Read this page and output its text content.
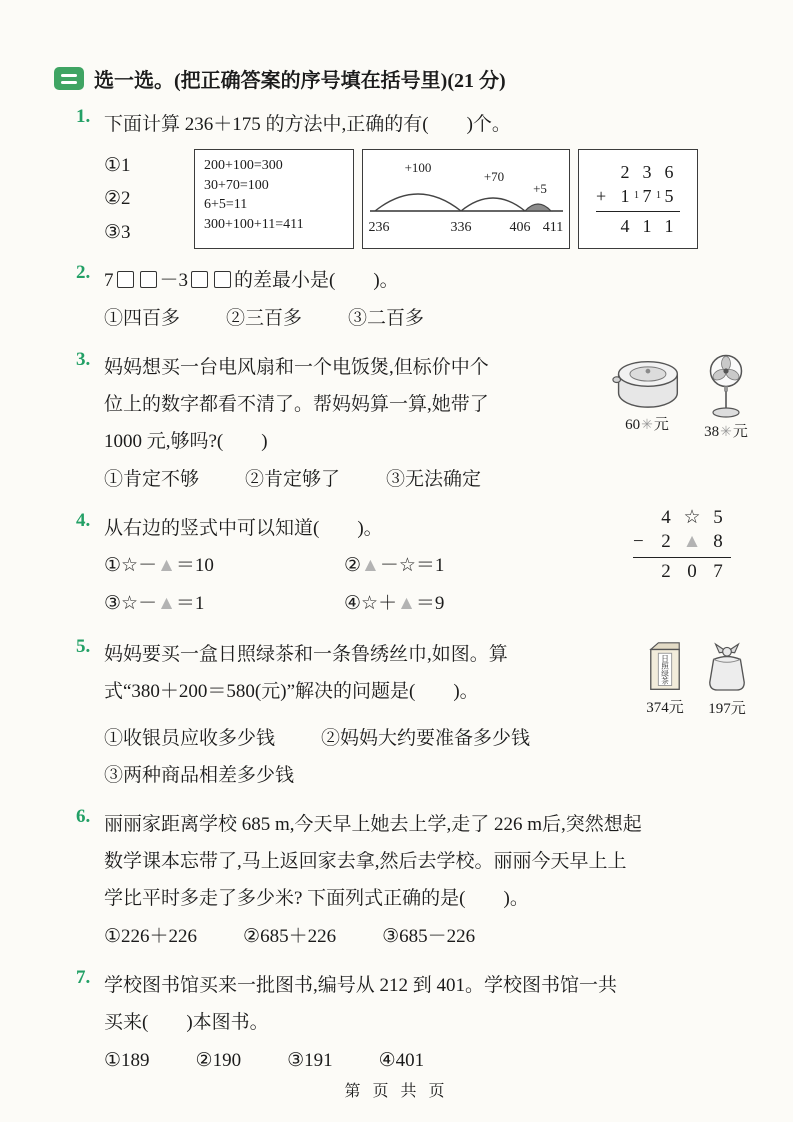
选一选。(把正确答案的序号填在括号里)(21 分)
1. 下面计算 236＋175 的方法中,正确的有(　　)个。
①1
②2
③3
200+100=300
30+70=100
6+5=11
300+100+11=411
+100
+70
+5
236	336	406 411
2 3 6
+ 1 1 7 1 5
4 1 1
2. 7 －3 的差最小是(　　)。
①四百多 ②三百多 ③二百多
3. 妈妈想买一台电风扇和一个电饭煲,但标价中个
位上的数字都看不清了。帮妈妈算一算,她带了
1000 元,够吗?(　　)
60✳元 38✳元
①肯定不够 ②肯定够了 ③无法确定
4.	4 ☆ 5
− 2 ▲ 8
2 0 7
从右边的竖式中可以知道(　　)。
①☆－▲＝10	②▲－☆＝1
③☆－▲＝1	④☆＋▲＝9
5. 妈妈要买一盒日照绿茶和一条鲁绣丝巾,如图。算
式“380＋200＝580(元)”解决的问题是(　　)。
日
照
绿
茶
374元 197元
①收银员应收多少钱 ②妈妈大约要准备多少钱
③两种商品相差多少钱
6. 丽丽家距离学校 685 m,今天早上她去上学,走了 226 m后,突然想起
数学课本忘带了,马上返回家去拿,然后去学校。丽丽今天早上上
学比平时多走了多少米? 下面列式正确的是(　　)。
①226＋226 ②685＋226 ③685－226
7. 学校图书馆买来一批图书,编号从 212 到 401。学校图书馆一共
买来(　　)本图书。
①189 ②190 ③191 ④401
第 页 共 页
